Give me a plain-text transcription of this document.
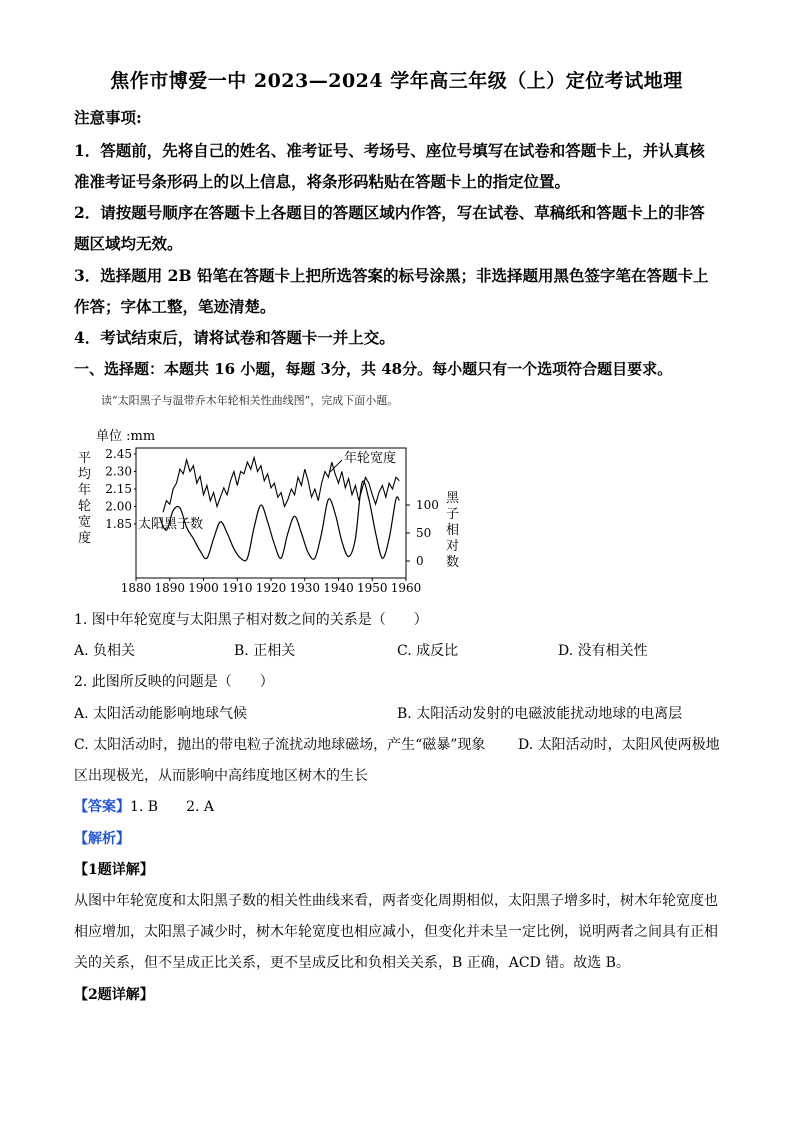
焦作市博爱一中 2023—2024 学年高三年级（上）定位考试地理
注意事项:
1．答题前，先将自己的姓名、准考证号、考场号、座位号填写在试卷和答题卡上，并认真核
准准考证号条形码上的以上信息，将条形码粘贴在答题卡上的指定位置。
2．请按题号顺序在答题卡上各题目的答题区域内作答，写在试卷、草稿纸和答题卡上的非答
题区域均无效。
3．选择题用 2B 铅笔在答题卡上把所选答案的标号涂黑；非选择题用黑色签字笔在答题卡上
作答；字体工整，笔迹清楚。
4．考试结束后，请将试卷和答题卡一并上交。
一、选择题：本题共 16 小题，每题 3分，共 48分。每小题只有一个选项符合题目要求。
读“太阳黑子与温带乔木年轮相关性曲线图”，完成下面小题。
单位 :mm
平
均
年
轮
宽
度
黑
子
相
对
数
2.45
2.30
2.15
2.00
1.85
100
50
0
1880 1890 1900 1910 1920 1930 1940 1950 1960
年轮宽度
太阳黑子数
1. 图中年轮宽度与太阳黑子相对数之间的关系是（　　）
A. 负相关	B. 正相关	C. 成反比	D. 没有相关性
2. 此图所反映的问题是（　　）
A. 太阳活动能影响地球气候	B. 太阳活动发射的电磁波能扰动地球的电离层
C. 太阳活动时，抛出的带电粒子流扰动地球磁场，产生“磁暴”现象 D. 太阳活动时，太阳风使两极地
区出现极光，从而影响中高纬度地区树木的生长
【答案】1. B　　2. A
【解析】
【1题详解】
从图中年轮宽度和太阳黑子数的相关性曲线来看，两者变化周期相似，太阳黑子增多时，树木年轮宽度也
相应增加，太阳黑子减少时，树木年轮宽度也相应减小，但变化并未呈一定比例，说明两者之间具有正相
关的关系，但不呈成正比关系，更不呈成反比和负相关关系，B 正确，ACD 错。故选 B。
【2题详解】
